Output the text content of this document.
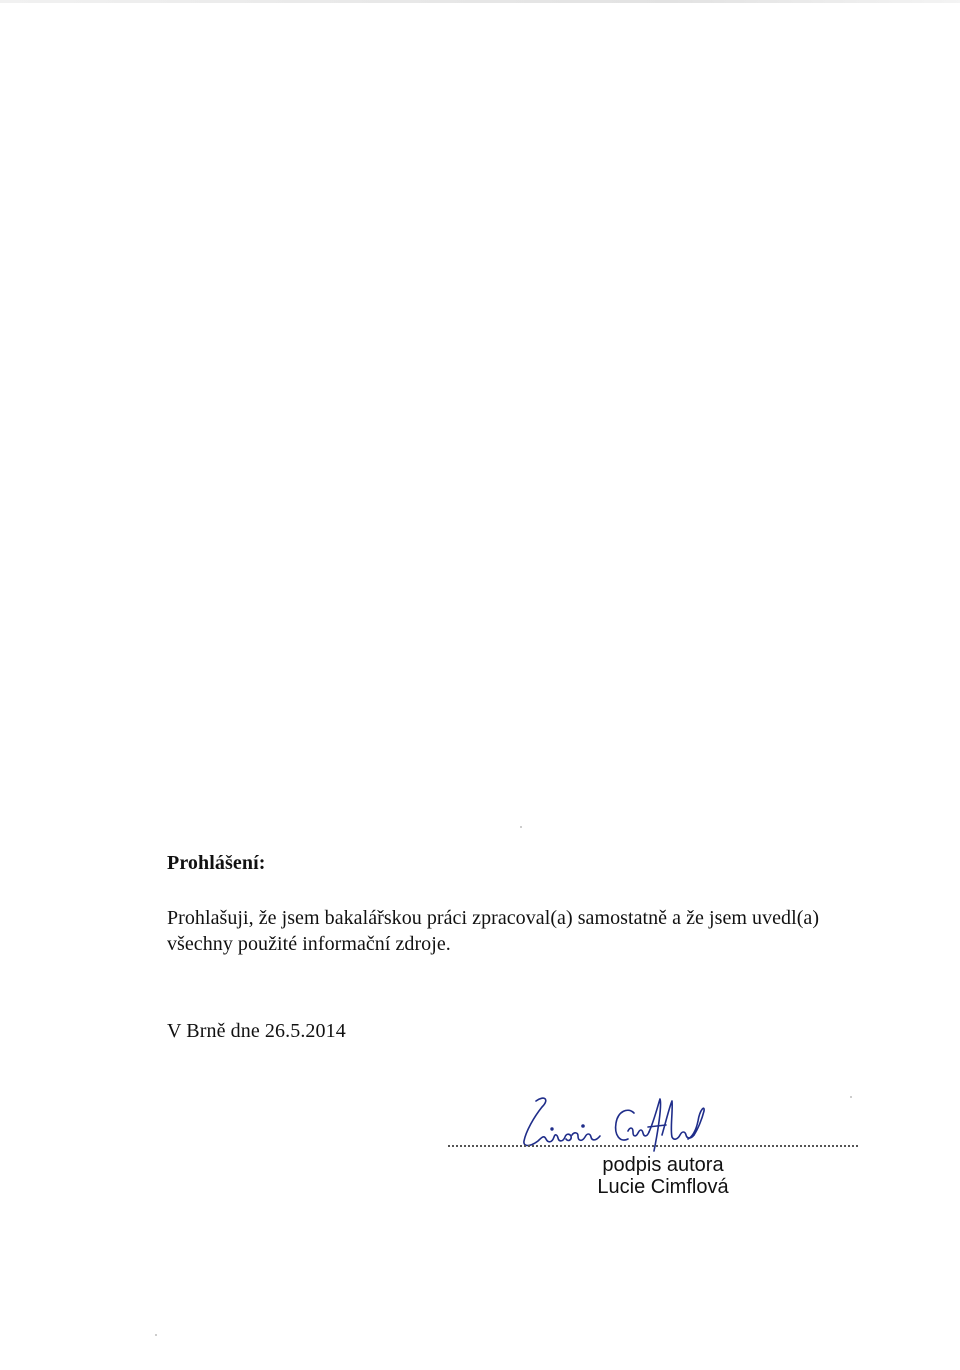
Prohlášení:
Prohlašuji, že jsem bakalářskou práci zpracoval(a) samostatně a že jsem uvedl(a)
všechny použité informační zdroje.
V Brně dne 26.5.2014
podpis autora
Lucie Cimflová
